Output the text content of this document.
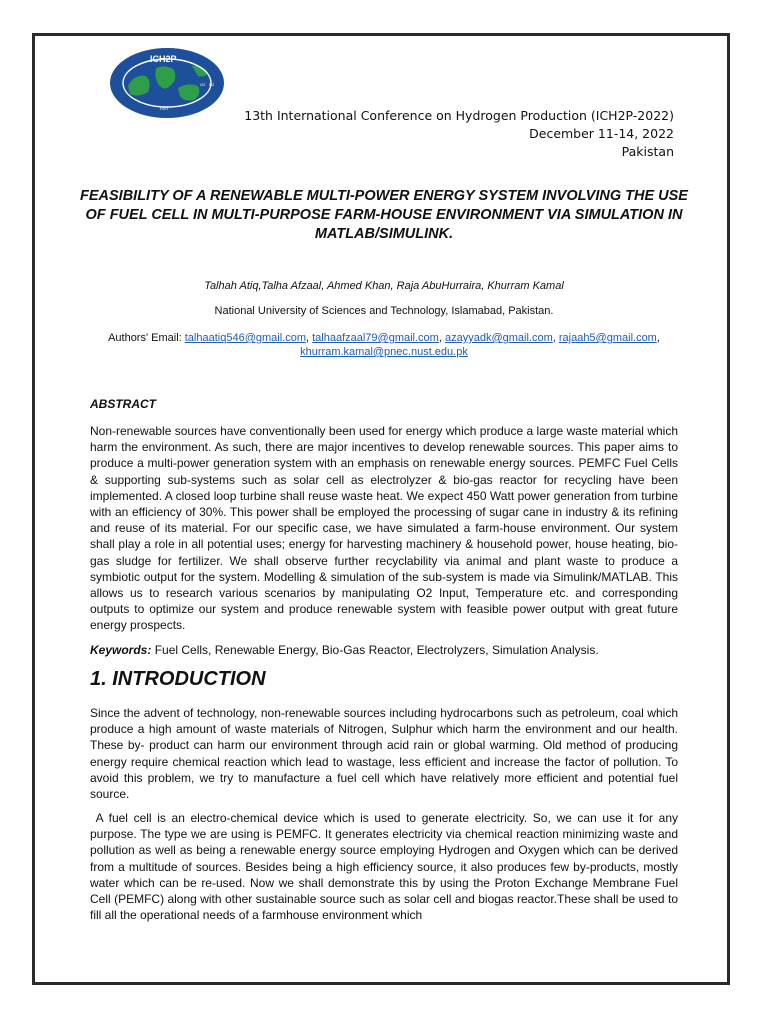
ICH2P
H2O
O2 H2
13th International Conference on Hydrogen Production (ICH2P-2022)
December 11-14, 2022
Pakistan
FEASIBILITY OF A RENEWABLE MULTI-POWER ENERGY SYSTEM INVOLVING THE USE OF FUEL CELL IN MULTI-PURPOSE FARM-HOUSE ENVIRONMENT VIA SIMULATION IN MATLAB/SIMULINK.
Talhah Atiq,Talha Afzaal, Ahmed Khan, Raja AbuHurraira, Khurram Kamal
National University of Sciences and Technology, Islamabad, Pakistan.
Authors' Email: talhaatiq546@gmail.com, talhaafzaal79@gmail.com, azayyadk@gmail.com, rajaah5@gmail.com,
khurram.kamal@pnec.nust.edu.pk
ABSTRACT
Non-renewable sources have conventionally been used for energy which produce a large waste material which harm the environment. As such, there are major incentives to develop renewable sources. This paper aims to produce a multi-power generation system with an emphasis on renewable energy sources. PEMFC Fuel Cells & supporting sub-systems such as solar cell as electrolyzer & bio-gas reactor for recycling have been implemented. A closed loop turbine shall reuse waste heat. We expect 450 Watt power generation from turbine with an efficiency of 30%. This power shall be employed the processing of sugar cane in industry & its refining and reuse of its material. For our specific case, we have simulated a farm-house environment. Our system shall play a role in all potential uses; energy for harvesting machinery & household power, house heating, bio-gas sludge for fertilizer. We shall observe further recyclability via animal and plant waste to produce a symbiotic output for the system. Modelling & simulation of the sub-system is made via Simulink/MATLAB. This allows us to research various scenarios by manipulating O2 Input, Temperature etc. and corresponding outputs to optimize our system and produce renewable system with feasible power output with great future energy prospects.
Keywords: Fuel Cells, Renewable Energy, Bio-Gas Reactor, Electrolyzers, Simulation Analysis.
1. INTRODUCTION
Since the advent of technology, non-renewable sources including hydrocarbons such as petroleum, coal which produce a high amount of waste materials of Nitrogen, Sulphur which harm the environment and our health. These by- product can harm our environment through acid rain or global warming. Old method of producing energy require chemical reaction which lead to wastage, less efficient and increase the factor of pollution. To avoid this problem, we try to manufacture a fuel cell which have relatively more efficient and potential fuel source.
A fuel cell is an electro-chemical device which is used to generate electricity. So, we can use it for any purpose. The type we are using is PEMFC. It generates electricity via chemical reaction minimizing waste and pollution as well as being a renewable energy source employing Hydrogen and Oxygen which can be derived from a multitude of sources. Besides being a high efficiency source, it also produces few by-products, mostly water which can be re-used. Now we shall demonstrate this by using the Proton Exchange Membrane Fuel Cell (PEMFC) along with other sustainable source such as solar cell and biogas reactor.These shall be used to fill all the operational needs of a farmhouse environment which
